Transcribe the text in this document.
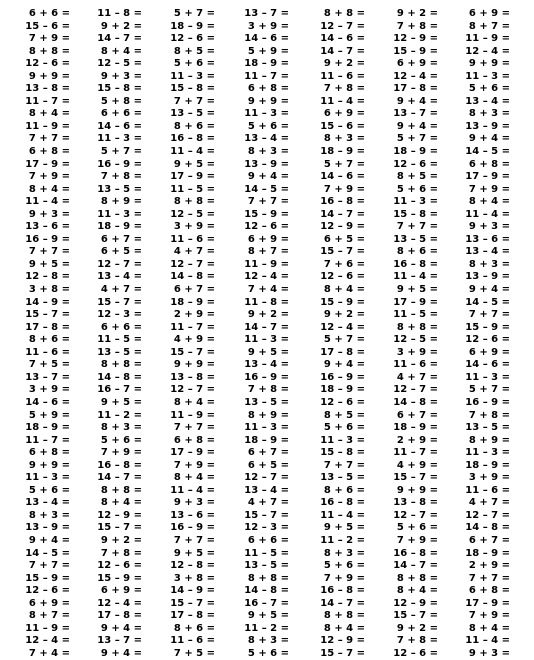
6 + 6 =
15 – 6 =
7 + 9 =
8 + 8 =
12 – 6 =
9 + 9 =
13 – 8 =
11 – 7 =
8 + 4 =
11 – 9 =
7 + 7 =
6 + 8 =
17 – 9 =
7 + 9 =
8 + 4 =
11 – 4 =
9 + 3 =
13 – 6 =
16 – 9 =
7 + 7 =
9 + 5 =
12 – 8 =
3 + 8 =
14 – 9 =
15 – 7 =
17 – 8 =
8 + 6 =
11 – 6 =
7 + 5 =
13 – 7 =
3 + 9 =
14 – 6 =
5 + 9 =
18 – 9 =
11 – 7 =
6 + 8 =
9 + 9 =
11 – 3 =
5 + 6 =
13 – 4 =
8 + 3 =
13 – 9 =
9 + 4 =
14 – 5 =
7 + 7 =
15 – 9 =
12 – 6 =
6 + 9 =
8 + 7 =
11 – 9 =
12 – 4 =
7 + 4 =
11 – 8 =
9 + 2 =
14 – 7 =
8 + 4 =
12 – 5 =
9 + 3 =
15 – 8 =
5 + 8 =
6 + 6 =
14 – 6 =
11 – 3 =
5 + 7 =
16 – 9 =
7 + 8 =
13 – 5 =
8 + 9 =
11 – 3 =
18 – 9 =
6 + 7 =
6 + 5 =
12 – 7 =
13 – 4 =
4 + 7 =
15 – 7 =
12 – 3 =
6 + 6 =
11 – 5 =
13 – 5 =
8 + 8 =
14 – 8 =
16 – 7 =
9 + 5 =
11 – 2 =
8 + 3 =
5 + 6 =
7 + 9 =
16 – 8 =
14 – 7 =
8 + 8 =
8 + 4 =
12 – 9 =
15 – 7 =
9 + 2 =
7 + 8 =
12 – 6 =
15 – 9 =
6 + 9 =
12 – 4 =
17 – 8 =
9 + 4 =
13 – 7 =
9 + 4 =
5 + 7 =
18 – 9 =
12 – 6 =
8 + 5 =
5 + 6 =
11 – 3 =
15 – 8 =
7 + 7 =
13 – 5 =
8 + 6 =
16 – 8 =
11 – 4 =
9 + 5 =
17 – 9 =
11 – 5 =
8 + 8 =
12 – 5 =
3 + 9 =
11 – 6 =
4 + 7 =
12 – 7 =
14 – 8 =
6 + 7 =
18 – 9 =
2 + 9 =
11 – 7 =
4 + 9 =
15 – 7 =
9 + 9 =
13 – 8 =
12 – 7 =
8 + 4 =
11 – 9 =
7 + 7 =
6 + 8 =
17 – 9 =
7 + 9 =
8 + 4 =
11 – 4 =
9 + 3 =
13 – 6 =
16 – 9 =
7 + 7 =
9 + 5 =
12 – 8 =
3 + 8 =
14 – 9 =
15 – 7 =
17 – 8 =
8 + 6 =
11 – 6 =
7 + 5 =
13 – 7 =
3 + 9 =
14 – 6 =
5 + 9 =
18 – 9 =
11 – 7 =
6 + 8 =
9 + 9 =
11 – 3 =
5 + 6 =
13 – 4 =
8 + 3 =
13 – 9 =
9 + 4 =
14 – 5 =
7 + 7 =
15 – 9 =
12 – 6 =
6 + 9 =
8 + 7 =
11 – 9 =
12 – 4 =
7 + 4 =
11 – 8 =
9 + 2 =
14 – 7 =
11 – 3 =
9 + 5 =
13 – 4 =
16 – 9 =
7 + 8 =
13 – 5 =
8 + 9 =
11 – 3 =
18 – 9 =
6 + 7 =
6 + 5 =
12 – 7 =
13 – 4 =
4 + 7 =
15 – 7 =
12 – 3 =
6 + 6 =
11 – 5 =
13 – 5 =
8 + 8 =
14 – 8 =
16 – 7 =
9 + 5 =
11 – 2 =
8 + 3 =
5 + 6 =
8 + 8 =
12 – 7 =
14 – 6 =
14 – 7 =
9 + 2 =
11 – 6 =
7 + 8 =
11 – 4 =
6 + 9 =
15 – 6 =
8 + 3 =
18 – 9 =
5 + 7 =
14 – 6 =
7 + 9 =
16 – 8 =
14 – 7 =
12 – 9 =
6 + 5 =
15 – 7 =
7 + 6 =
12 – 6 =
8 + 4 =
15 – 9 =
9 + 2 =
12 – 4 =
5 + 7 =
17 – 8 =
9 + 4 =
16 – 9 =
18 – 9 =
12 – 6 =
8 + 5 =
5 + 6 =
11 – 3 =
15 – 8 =
7 + 7 =
13 – 5 =
8 + 6 =
16 – 8 =
11 – 4 =
9 + 5 =
11 – 2 =
8 + 3 =
5 + 6 =
7 + 9 =
16 – 8 =
14 – 7 =
8 + 8 =
8 + 4 =
12 – 9 =
15 – 7 =
9 + 2 =
7 + 8 =
12 – 9 =
15 – 9 =
6 + 9 =
12 – 4 =
17 – 8 =
9 + 4 =
13 – 7 =
9 + 4 =
5 + 7 =
18 – 9 =
12 – 6 =
8 + 5 =
5 + 6 =
11 – 3 =
15 – 8 =
7 + 7 =
13 – 5 =
8 + 6 =
16 – 8 =
11 – 4 =
9 + 5 =
17 – 9 =
11 – 5 =
8 + 8 =
12 – 5 =
3 + 9 =
11 – 6 =
4 + 7 =
12 – 7 =
14 – 8 =
6 + 7 =
18 – 9 =
2 + 9 =
11 – 7 =
4 + 9 =
15 – 7 =
9 + 9 =
13 – 8 =
12 – 7 =
5 + 6 =
7 + 9 =
16 – 8 =
14 – 7 =
8 + 8 =
8 + 4 =
12 – 9 =
15 – 7 =
9 + 2 =
7 + 8 =
12 – 6 =
6 + 9 =
8 + 7 =
11 – 9 =
12 – 4 =
9 + 9 =
11 – 3 =
5 + 6 =
13 – 4 =
8 + 3 =
13 – 9 =
9 + 4 =
14 – 5 =
6 + 8 =
17 – 9 =
7 + 9 =
8 + 4 =
11 – 4 =
9 + 3 =
13 – 6 =
13 – 4 =
8 + 3 =
13 – 9 =
9 + 4 =
14 – 5 =
7 + 7 =
15 – 9 =
12 – 6 =
6 + 9 =
14 – 6 =
11 – 3 =
5 + 7 =
16 – 9 =
7 + 8 =
13 – 5 =
8 + 9 =
11 – 3 =
18 – 9 =
3 + 9 =
11 – 6 =
4 + 7 =
12 – 7 =
14 – 8 =
6 + 7 =
18 – 9 =
2 + 9 =
7 + 7 =
6 + 8 =
17 – 9 =
7 + 9 =
8 + 4 =
11 – 4 =
9 + 3 =
